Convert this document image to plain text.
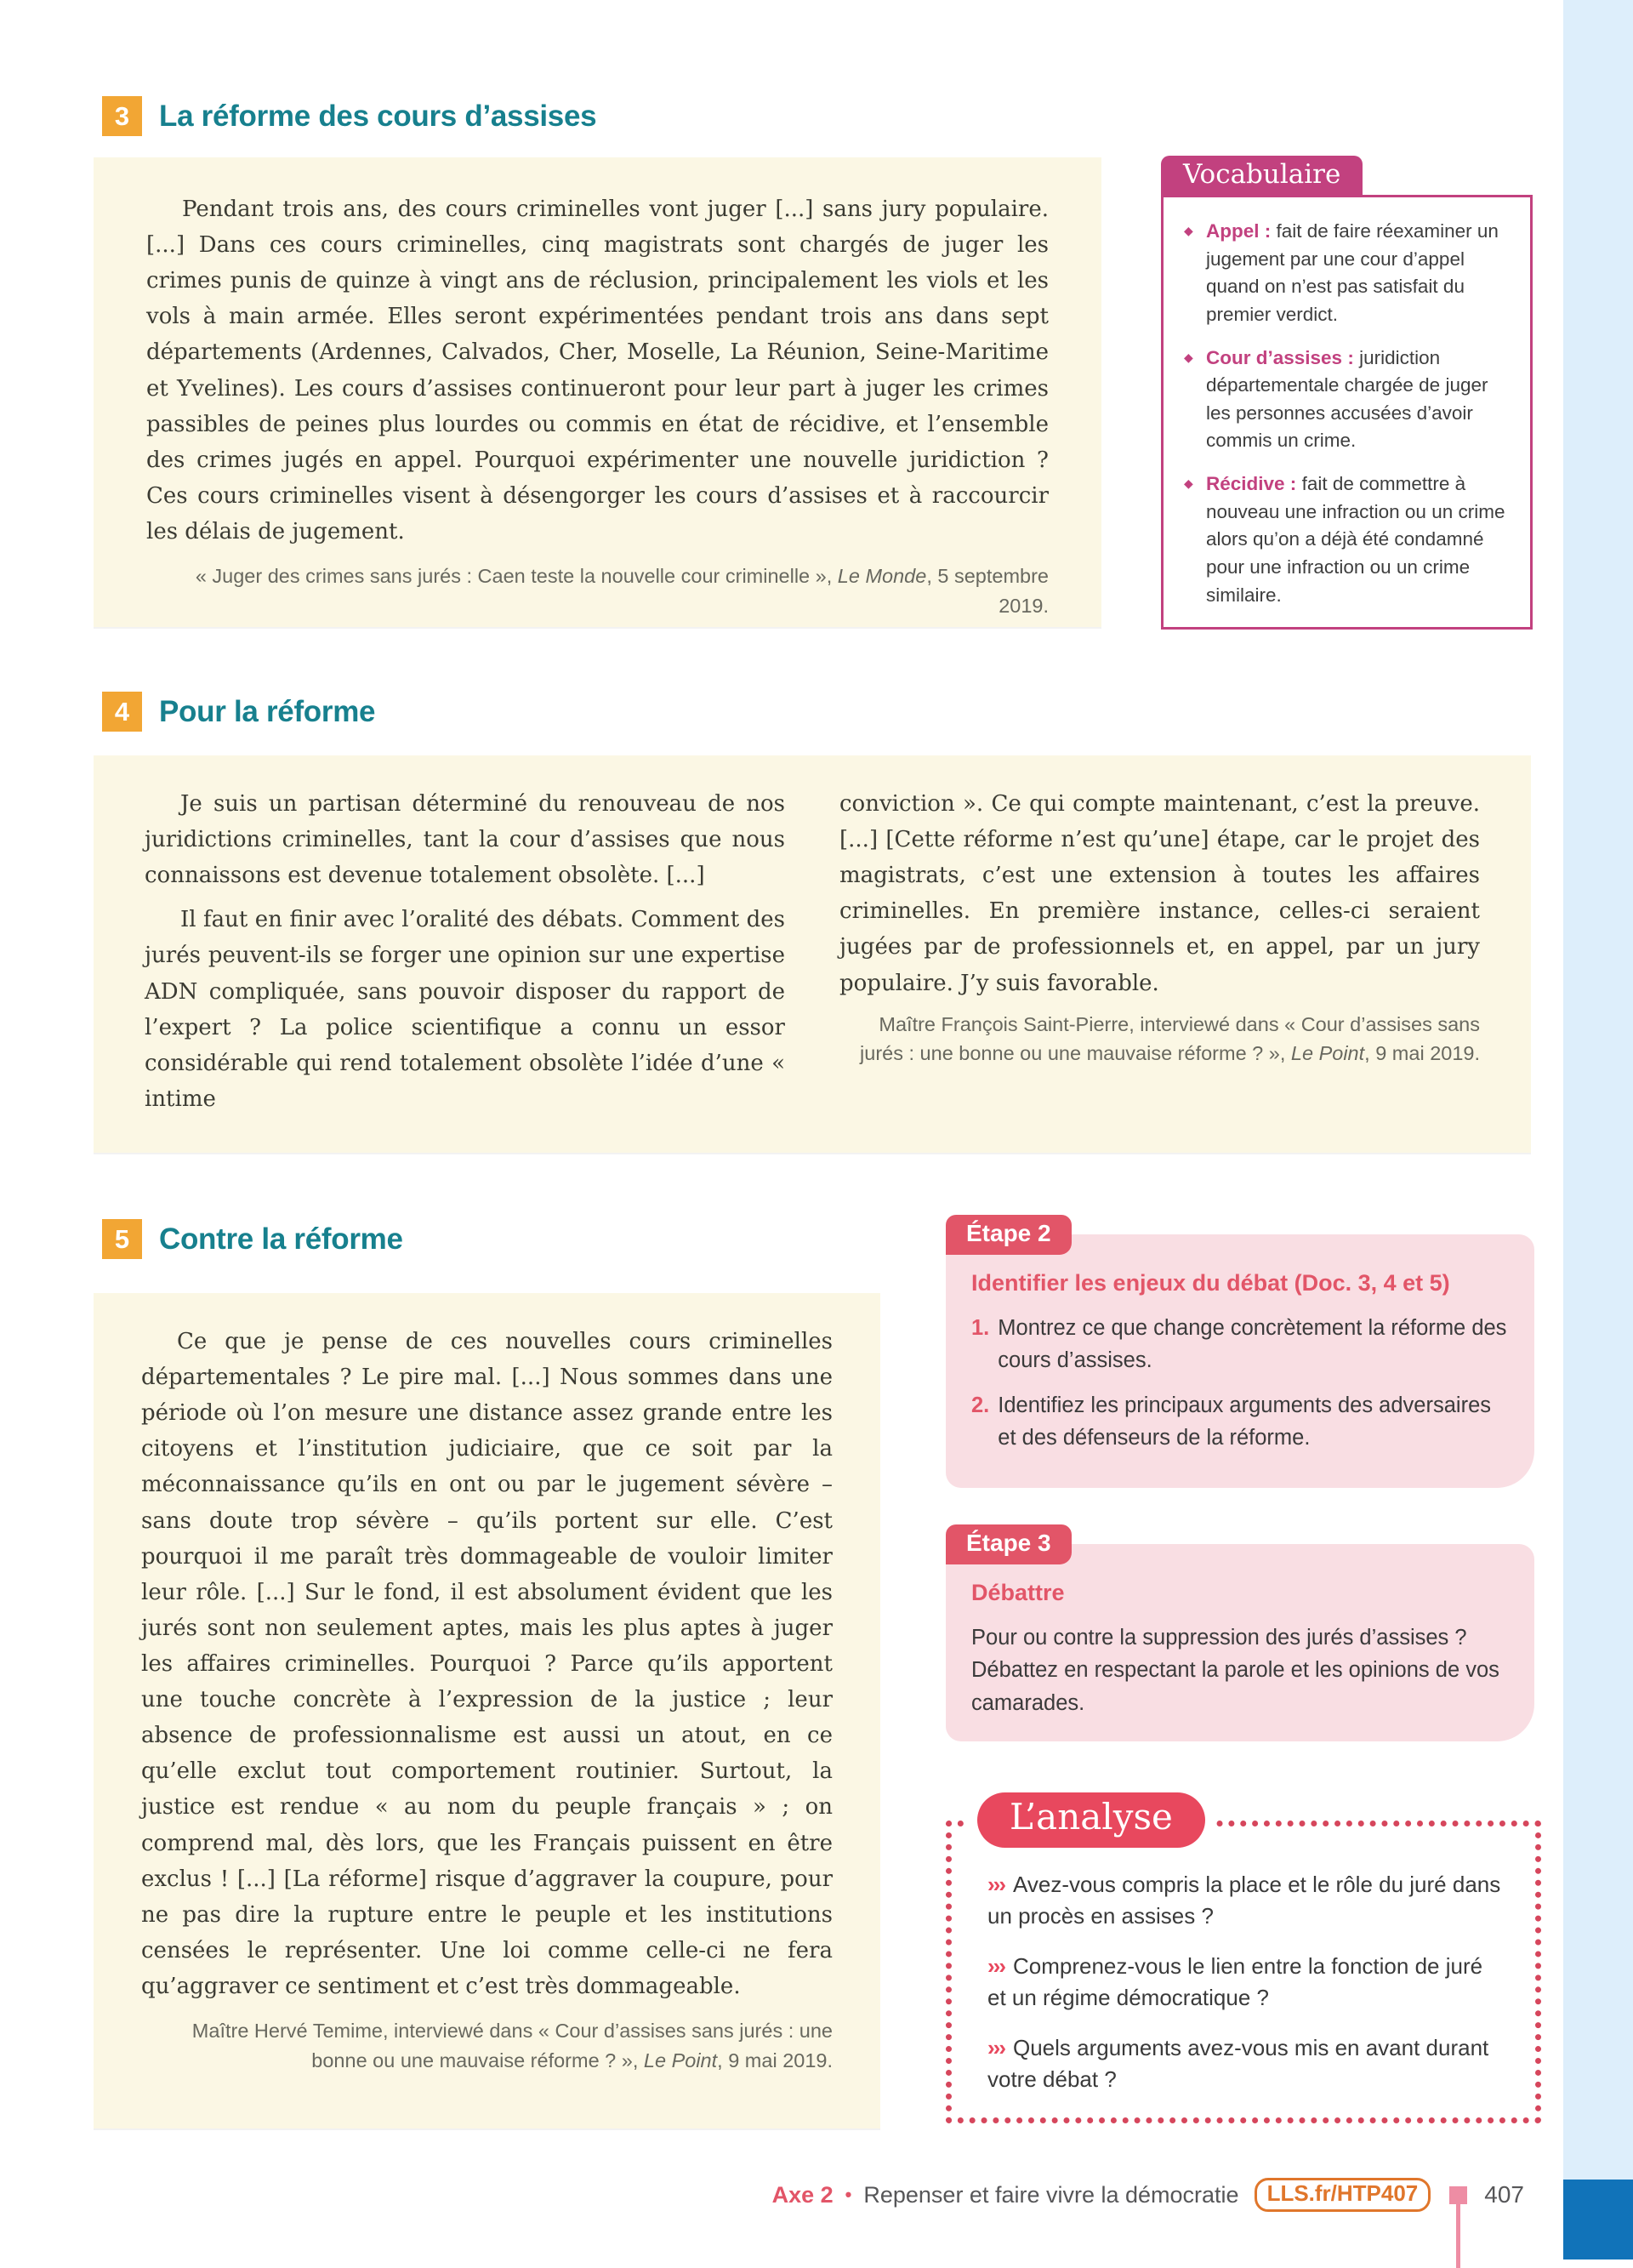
3 La réforme des cours d’assises

Pendant trois ans, des cours criminelles vont juger [...] sans jury populaire. [...] Dans ces cours criminelles, cinq magistrats sont chargés de juger les crimes punis de quinze à vingt ans de réclusion, principalement les viols et les vols à main armée. Elles seront expérimentées pendant trois ans dans sept départements (Ardennes, Calvados, Cher, Moselle, La Réunion, Seine-Maritime et Yvelines). Les cours d’assises continueront pour leur part à juger les crimes passibles de peines plus lourdes ou commis en état de récidive, et l’ensemble des crimes jugés en appel. Pourquoi expérimenter une nouvelle juridiction ? Ces cours criminelles visent à désengorger les cours d’assises et à raccourcir les délais de jugement.

« Juger des crimes sans jurés : Caen teste la nouvelle cour criminelle », Le Monde, 5 septembre 2019.

Vocabulaire

◆ Appel : fait de faire réexaminer un jugement par une cour d’appel quand on n’est pas satisfait du premier verdict.

◆ Cour d’assises : juridiction départementale chargée de juger les personnes accusées d’avoir commis un crime.

◆ Récidive : fait de commettre à nouveau une infraction ou un crime alors qu’on a déjà été condamné pour une infraction ou un crime similaire.

4 Pour la réforme

Je suis un partisan déterminé du renouveau de nos juridictions criminelles, tant la cour d’assises que nous connaissons est devenue totalement obsolète. [...]

Il faut en finir avec l’oralité des débats. Comment des jurés peuvent-ils se forger une opinion sur une expertise ADN compliquée, sans pouvoir disposer du rapport de l’expert ? La police scientifique a connu un essor considérable qui rend totalement obsolète l’idée d’une « intime

conviction ». Ce qui compte maintenant, c’est la preuve. [...] [Cette réforme n’est qu’une] étape, car le projet des magistrats, c’est une extension à toutes les affaires criminelles. En première instance, celles-ci seraient jugées par de professionnels et, en appel, par un jury populaire. J’y suis favorable.

Maître François Saint-Pierre, interviewé dans « Cour d’assises sans jurés : une bonne ou une mauvaise réforme ? », Le Point, 9 mai 2019.

5 Contre la réforme

Ce que je pense de ces nouvelles cours criminelles départementales ? Le pire mal. [...] Nous sommes dans une période où l’on mesure une distance assez grande entre les citoyens et l’institution judiciaire, que ce soit par la méconnaissance qu’ils en ont ou par le jugement sévère – sans doute trop sévère – qu’ils portent sur elle. C’est pourquoi il me paraît très dommageable de vouloir limiter leur rôle. [...] Sur le fond, il est absolument évident que les jurés sont non seulement aptes, mais les plus aptes à juger les affaires criminelles. Pourquoi ? Parce qu’ils apportent une touche concrète à l’expression de la justice ; leur absence de professionnalisme est aussi un atout, en ce qu’elle exclut tout comportement routinier. Surtout, la justice est rendue « au nom du peuple français » ; on comprend mal, dès lors, que les Français puissent en être exclus ! [...] [La réforme] risque d’aggraver la coupure, pour ne pas dire la rupture entre le peuple et les institutions censées le représenter. Une loi comme celle-ci ne fera qu’aggraver ce sentiment et c’est très dommageable.

Maître Hervé Temime, interviewé dans « Cour d’assises sans jurés : une bonne ou une mauvaise réforme ? », Le Point, 9 mai 2019.

Étape 2
Identifier les enjeux du débat (Doc. 3, 4 et 5)
1. Montrez ce que change concrètement la réforme des cours d’assises.

2. Identifiez les principaux arguments des adversaires et des défenseurs de la réforme.

Étape 3
Débattre

Pour ou contre la suppression des jurés d’assises ? Débattez en respectant la parole et les opinions de vos camarades.

L’analyse

››› Avez-vous compris la place et le rôle du juré dans un procès en assises ?

››› Comprenez-vous le lien entre la fonction de juré et un régime démocratique ?

››› Quels arguments avez-vous mis en avant durant votre débat ?

Axe 2 • Repenser et faire vivre la démocratie	LLS.fr/HTP407	407
